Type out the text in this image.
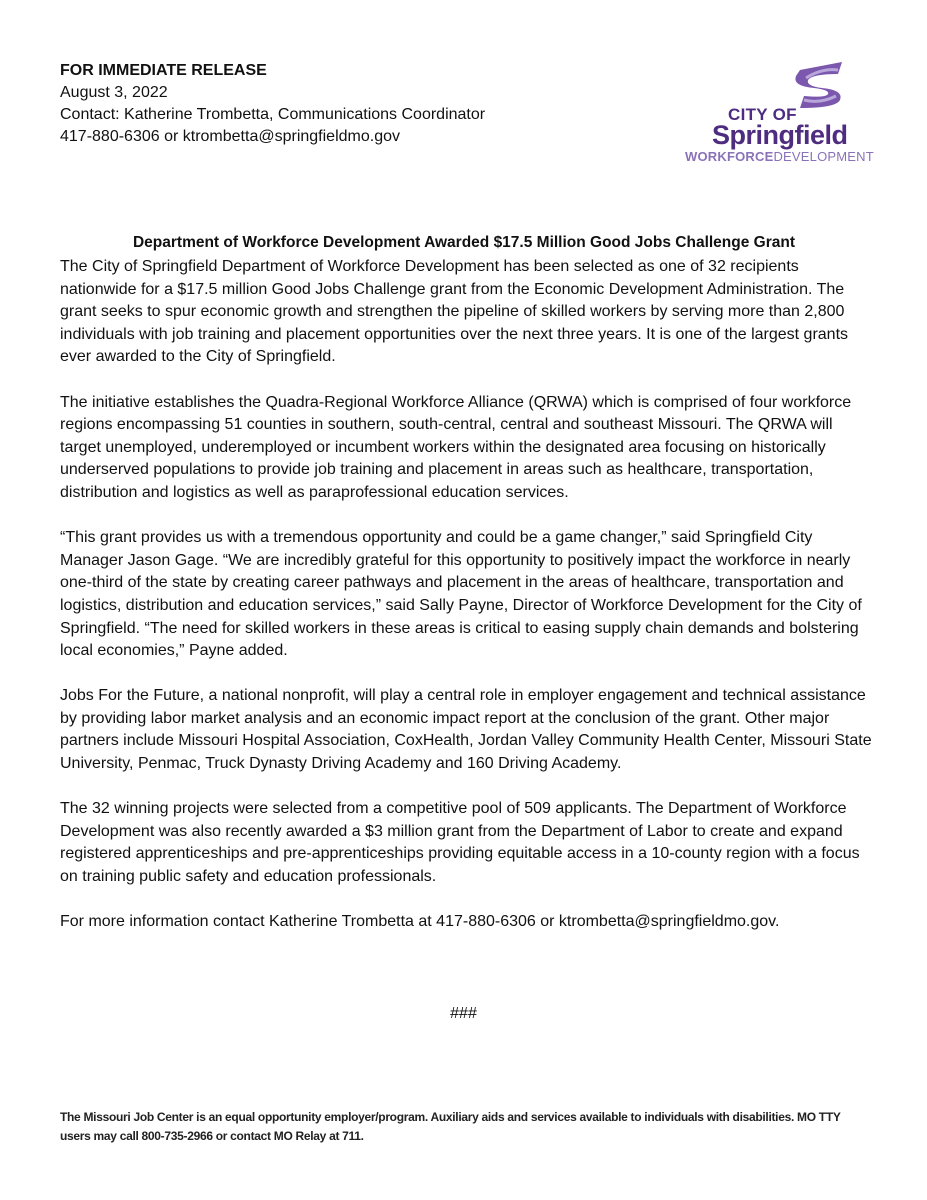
FOR IMMEDIATE RELEASE
August 3, 2022
Contact: Katherine Trombetta, Communications Coordinator
417-880-6306 or ktrombetta@springfieldmo.gov
CITY OF
Springfield
WORKFORCEDEVELOPMENT
Department of Workforce Development Awarded $17.5 Million Good Jobs Challenge Grant

The City of Springfield Department of Workforce Development has been selected as one of 32 recipients nationwide for a $17.5 million Good Jobs Challenge grant from the Economic Development Administration. The grant seeks to spur economic growth and strengthen the pipeline of skilled workers by serving more than 2,800 individuals with job training and placement opportunities over the next three years. It is one of the largest grants ever awarded to the City of Springfield.

The initiative establishes the Quadra-Regional Workforce Alliance (QRWA) which is comprised of four workforce regions encompassing 51 counties in southern, south-central, central and southeast Missouri. The QRWA will target unemployed, underemployed or incumbent workers within the designated area focusing on historically underserved populations to provide job training and placement in areas such as healthcare, transportation, distribution and logistics as well as paraprofessional education services.

“This grant provides us with a tremendous opportunity and could be a game changer,” said Springfield City Manager Jason Gage. “We are incredibly grateful for this opportunity to positively impact the workforce in nearly one-third of the state by creating career pathways and placement in the areas of healthcare, transportation and logistics, distribution and education services,” said Sally Payne, Director of Workforce Development for the City of Springfield. “The need for skilled workers in these areas is critical to easing supply chain demands and bolstering local economies,” Payne added.

Jobs For the Future, a national nonprofit, will play a central role in employer engagement and technical assistance by providing labor market analysis and an economic impact report at the conclusion of the grant. Other major partners include Missouri Hospital Association, CoxHealth, Jordan Valley Community Health Center, Missouri State University, Penmac, Truck Dynasty Driving Academy and 160 Driving Academy.

The 32 winning projects were selected from a competitive pool of 509 applicants. The Department of Workforce Development was also recently awarded a $3 million grant from the Department of Labor to create and expand registered apprenticeships and pre-apprenticeships providing equitable access in a 10-county region with a focus on training public safety and education professionals.

For more information contact Katherine Trombetta at 417-880-6306 or ktrombetta@springfieldmo.gov.

###
The Missouri Job Center is an equal opportunity employer/program. Auxiliary aids and services available to individuals with disabilities. MO TTY users may call 800-735-2966 or contact MO Relay at 711.
